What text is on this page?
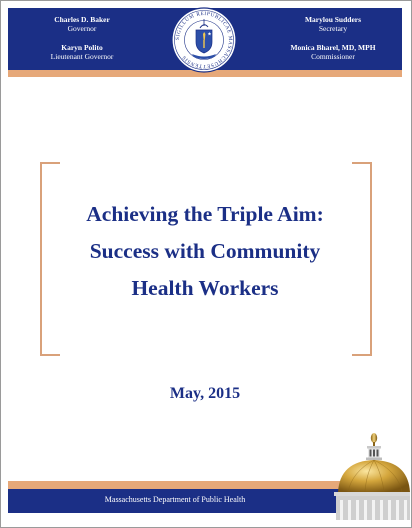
Charles D. Baker
Governor
Karyn Polito
Lieutenant Governor
Marylou Sudders
Secretary
Monica Bharel, MD, MPH
Commissioner
SIGILLUM REIPUBLICAE MASSACHUSETTENSIS
Achieving the Triple Aim:
Success with Community
Health Workers

May, 2015

Massachusetts Department of Public Health
